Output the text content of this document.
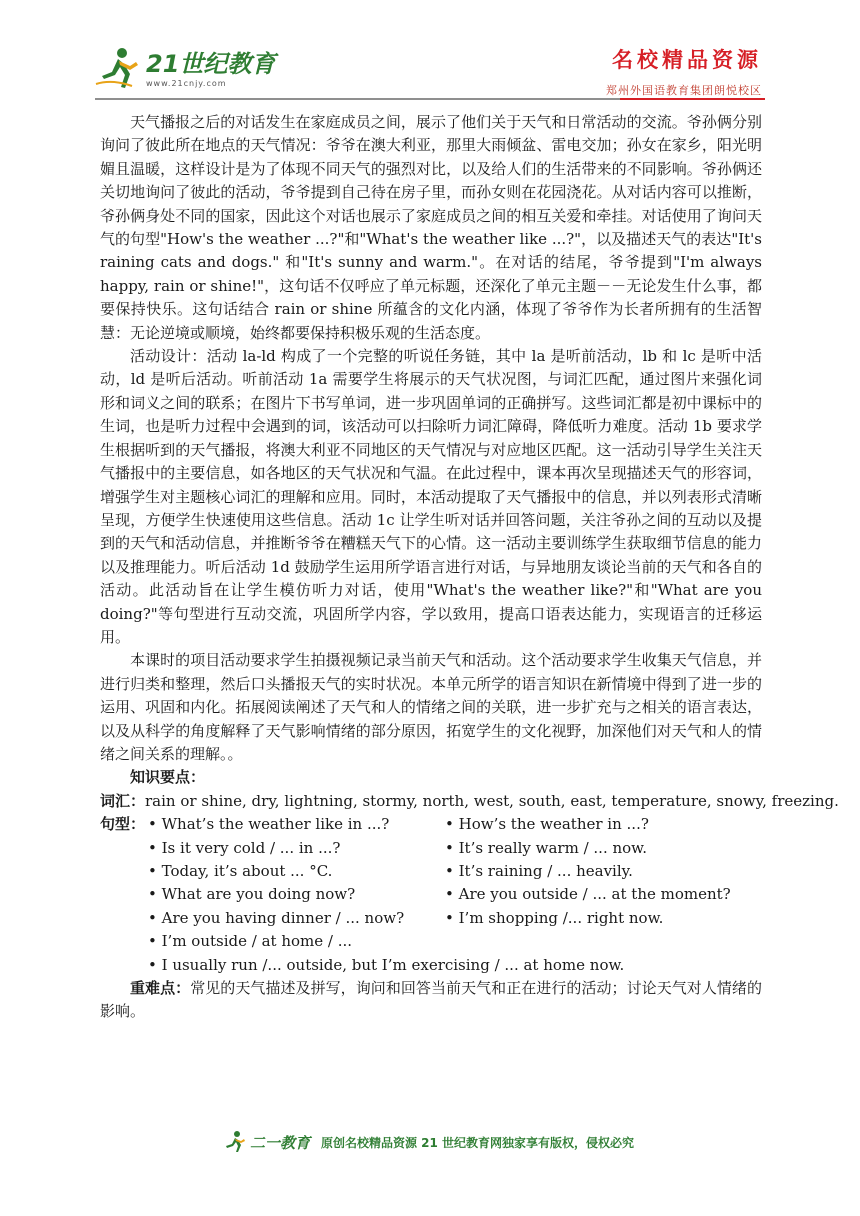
21世纪教育
www.21cnjy.com
名校精品资源
郑州外国语教育集团朗悦校区

天气播报之后的对话发生在家庭成员之间，展示了他们关于天气和日常活动的交流。爷孙俩分别询问了彼此所在地点的天气情况：爷爷在澳大利亚，那里大雨倾盆、雷电交加；孙女在家乡，阳光明媚且温暖，这样设计是为了体现不同天气的强烈对比，以及给人们的生活带来的不同影响。爷孙俩还关切地询问了彼此的活动，爷爷提到自己待在房子里，而孙女则在花园浇花。从对话内容可以推断，爷孙俩身处不同的国家，因此这个对话也展示了家庭成员之间的相互关爱和牵挂。对话使用了询问天气的句型"How's the weather ...?"和"What's the weather like ...?"，以及描述天气的表达"It's raining cats and dogs." 和"It's sunny and warm."。在对话的结尾，爷爷提到"I'm always happy, rain or shine!"，这句话不仅呼应了单元标题，还深化了单元主题－－无论发生什么事，都要保持快乐。这句话结合 rain or shine 所蕴含的文化内涵，体现了爷爷作为长者所拥有的生活智慧：无论逆境或顺境，始终都要保持积极乐观的生活态度。

活动设计：活动 la-ld 构成了一个完整的听说任务链，其中 la 是听前活动，lb 和 lc 是听中活动，ld 是听后活动。听前活动 1a 需要学生将展示的天气状况图，与词汇匹配，通过图片来强化词形和词义之间的联系；在图片下书写单词，进一步巩固单词的正确拼写。这些词汇都是初中课标中的生词，也是听力过程中会遇到的词，该活动可以扫除听力词汇障碍，降低听力难度。活动 1b 要求学生根据听到的天气播报，将澳大利亚不同地区的天气情况与对应地区匹配。这一活动引导学生关注天气播报中的主要信息，如各地区的天气状况和气温。在此过程中，课本再次呈现描述天气的形容词，增强学生对主题核心词汇的理解和应用。同时，本活动提取了天气播报中的信息，并以列表形式清晰呈现，方便学生快速使用这些信息。活动 1c 让学生听对话并回答问题，关注爷孙之间的互动以及提到的天气和活动信息，并推断爷爷在糟糕天气下的心情。这一活动主要训练学生获取细节信息的能力以及推理能力。听后活动 1d 鼓励学生运用所学语言进行对话，与异地朋友谈论当前的天气和各自的活动。此活动旨在让学生模仿听力对话，使用"What's the weather like?"和"What are you doing?"等句型进行互动交流，巩固所学内容，学以致用，提高口语表达能力，实现语言的迁移运用。

本课时的项目活动要求学生拍摄视频记录当前天气和活动。这个活动要求学生收集天气信息，并进行归类和整理，然后口头播报天气的实时状况。本单元所学的语言知识在新情境中得到了进一步的运用、巩固和内化。拓展阅读阐述了天气和人的情绪之间的关联，进一步扩充与之相关的语言表达，以及从科学的角度解释了天气影响情绪的部分原因，拓宽学生的文化视野，加深他们对天气和人的情绪之间关系的理解。。

知识要点：

词汇：rain or shine, dry, lightning, stormy, north, west, south, east, temperature, snowy, freezing.

句型：	• What’s the weather like in ...?	• How’s the weather in ...?
• Is it very cold / ... in ...?	• It’s really warm / ... now.
• Today, it’s about ... °C.	• It’s raining / ... heavily.
• What are you doing now?	• Are you outside / ... at the moment?
• Are you having dinner / ... now?	• I’m shopping /... right now.
• I’m outside / at home / ...
• I usually run /... outside, but I’m exercising / ... at home now.

重难点：常见的天气描述及拼写，询问和回答当前天气和正在进行的活动；讨论天气对人情绪的影响。

二一教育 原创名校精品资源 21 世纪教育网独家享有版权，侵权必究
